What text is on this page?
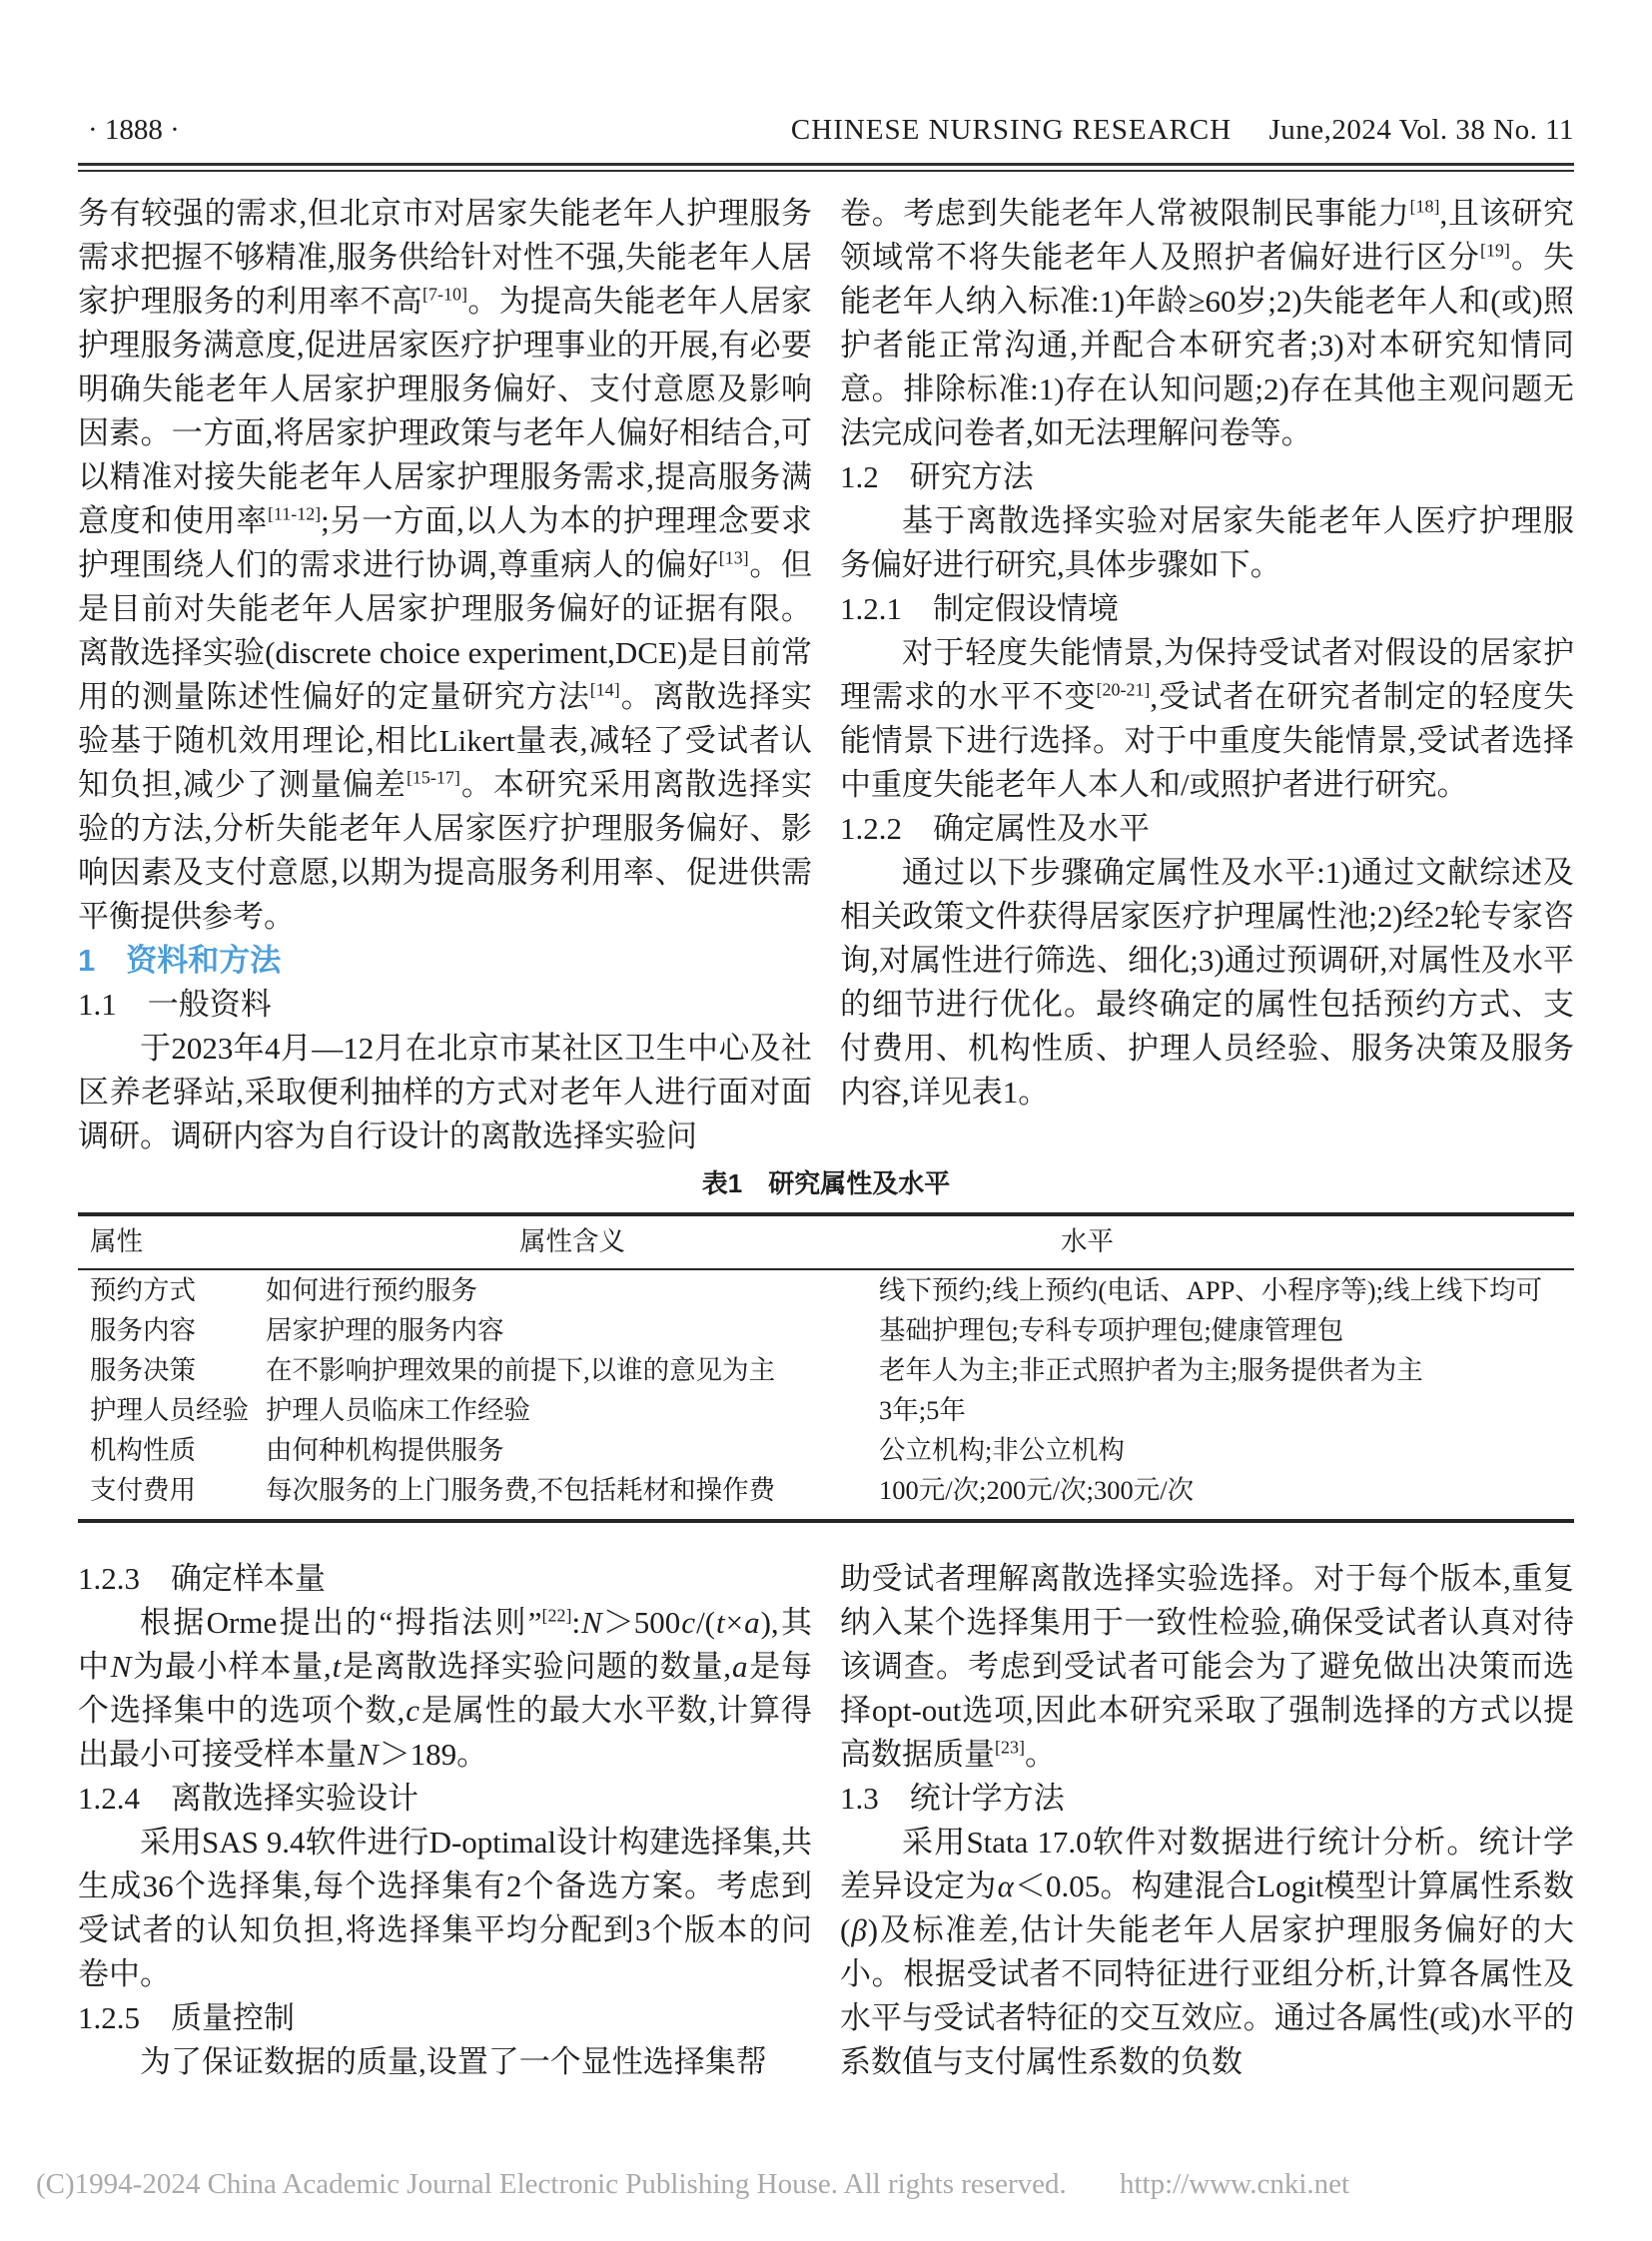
· 1888 ·	CHINESE NURSING RESEARCH June,2024 Vol. 38 No. 11

务有较强的需求,但北京市对居家失能老年人护理服务需求把握不够精准,服务供给针对性不强,失能老年人居家护理服务的利用率不高[7-10]。为提高失能老年人居家护理服务满意度,促进居家医疗护理事业的开展,有必要明确失能老年人居家护理服务偏好、支付意愿及影响因素。一方面,将居家护理政策与老年人偏好相结合,可以精准对接失能老年人居家护理服务需求,提高服务满意度和使用率[11-12];另一方面,以人为本的护理理念要求护理围绕人们的需求进行协调,尊重病人的偏好[13]。但是目前对失能老年人居家护理服务偏好的证据有限。离散选择实验(discrete choice experiment,DCE)是目前常用的测量陈述性偏好的定量研究方法[14]。离散选择实验基于随机效用理论,相比Likert量表,减轻了受试者认知负担,减少了测量偏差[15-17]。本研究采用离散选择实验的方法,分析失能老年人居家医疗护理服务偏好、影响因素及支付意愿,以期为提高服务利用率、促进供需平衡提供参考。

1　资料和方法
1.1　一般资料

于2023年4月—12月在北京市某社区卫生中心及社区养老驿站,采取便利抽样的方式对老年人进行面对面调研。调研内容为自行设计的离散选择实验问

卷。考虑到失能老年人常被限制民事能力[18],且该研究领域常不将失能老年人及照护者偏好进行区分[19]。失能老年人纳入标准:1)年龄≥60岁;2)失能老年人和(或)照护者能正常沟通,并配合本研究者;3)对本研究知情同意。排除标准:1)存在认知问题;2)存在其他主观问题无法完成问卷者,如无法理解问卷等。

1.2　研究方法

基于离散选择实验对居家失能老年人医疗护理服务偏好进行研究,具体步骤如下。

1.2.1　制定假设情境

对于轻度失能情景,为保持受试者对假设的居家护理需求的水平不变[20-21],受试者在研究者制定的轻度失能情景下进行选择。对于中重度失能情景,受试者选择中重度失能老年人本人和/或照护者进行研究。

1.2.2　确定属性及水平

通过以下步骤确定属性及水平:1)通过文献综述及相关政策文件获得居家医疗护理属性池;2)经2轮专家咨询,对属性进行筛选、细化;3)通过预调研,对属性及水平的细节进行优化。最终确定的属性包括预约方式、支付费用、机构性质、护理人员经验、服务决策及服务内容,详见表1。

表1　研究属性及水平
属性	属性含义	水平
预约方式	如何进行预约服务	线下预约;线上预约(电话、APP、小程序等);线上线下均可
服务内容	居家护理的服务内容	基础护理包;专科专项护理包;健康管理包
服务决策	在不影响护理效果的前提下,以谁的意见为主	老年人为主;非正式照护者为主;服务提供者为主
护理人员经验	护理人员临床工作经验	3年;5年
机构性质	由何种机构提供服务	公立机构;非公立机构
支付费用	每次服务的上门服务费,不包括耗材和操作费	100元/次;200元/次;300元/次
1.2.3　确定样本量

根据Orme提出的“拇指法则”[22]:N＞500c/(t×a),其中N为最小样本量,t是离散选择实验问题的数量,a是每个选择集中的选项个数,c是属性的最大水平数,计算得出最小可接受样本量N＞189。

1.2.4　离散选择实验设计

采用SAS 9.4软件进行D-optimal设计构建选择集,共生成36个选择集,每个选择集有2个备选方案。考虑到受试者的认知负担,将选择集平均分配到3个版本的问卷中。

1.2.5　质量控制

为了保证数据的质量,设置了一个显性选择集帮

助受试者理解离散选择实验选择。对于每个版本,重复纳入某个选择集用于一致性检验,确保受试者认真对待该调查。考虑到受试者可能会为了避免做出决策而选择opt-out选项,因此本研究采取了强制选择的方式以提高数据质量[23]。

1.3　统计学方法

采用Stata 17.0软件对数据进行统计分析。统计学差异设定为α＜0.05。构建混合Logit模型计算属性系数(β)及标准差,估计失能老年人居家护理服务偏好的大小。根据受试者不同特征进行亚组分析,计算各属性及水平与受试者特征的交互效应。通过各属性(或)水平的系数值与支付属性系数的负数

(C)1994-2024 China Academic Journal Electronic Publishing House. All rights reserved. http://www.cnki.net
